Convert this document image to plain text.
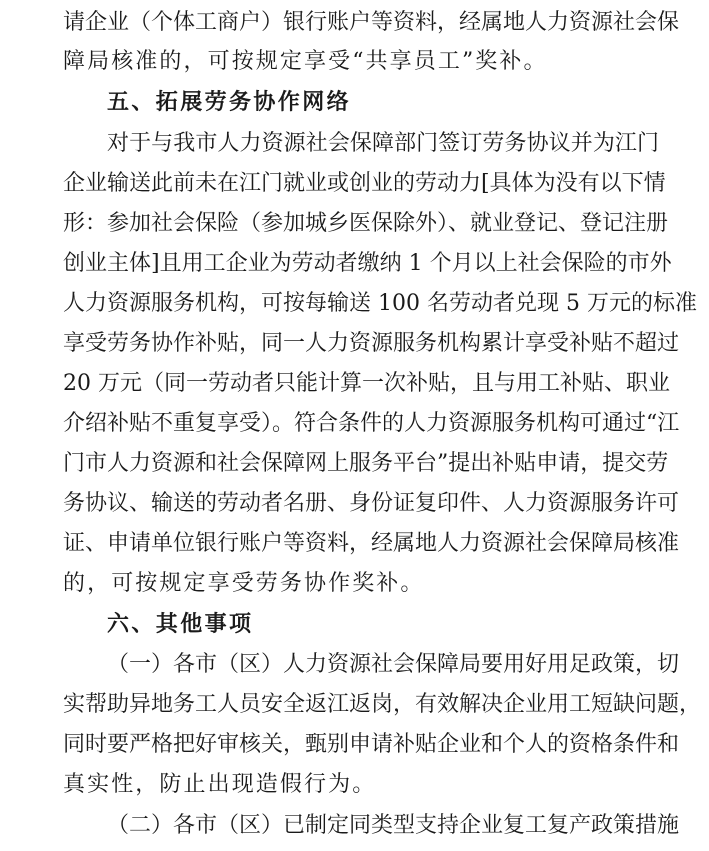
请企业（个体工商户）银行账户等资料，经属地人力资源社会保
障局核准的，可按规定享受“共享员工”奖补。
五、拓展劳务协作网络
对于与我市人力资源社会保障部门签订劳务协议并为江门
企业输送此前未在江门就业或创业的劳动力[具体为没有以下情
形：参加社会保险（参加城乡医保除外）、就业登记、登记注册
创业主体]且用工企业为劳动者缴纳 1 个月以上社会保险的市外
人力资源服务机构，可按每输送 100 名劳动者兑现 5 万元的标准
享受劳务协作补贴，同一人力资源服务机构累计享受补贴不超过
20 万元（同一劳动者只能计算一次补贴，且与用工补贴、职业
介绍补贴不重复享受）。符合条件的人力资源服务机构可通过“江
门市人力资源和社会保障网上服务平台”提出补贴申请，提交劳
务协议、输送的劳动者名册、身份证复印件、人力资源服务许可
证、申请单位银行账户等资料，经属地人力资源社会保障局核准
的，可按规定享受劳务协作奖补。
六、其他事项
（一）各市（区）人力资源社会保障局要用好用足政策，切
实帮助异地务工人员安全返江返岗，有效解决企业用工短缺问题，
同时要严格把好审核关，甄别申请补贴企业和个人的资格条件和
真实性，防止出现造假行为。
（二）各市（区）已制定同类型支持企业复工复产政策措施
